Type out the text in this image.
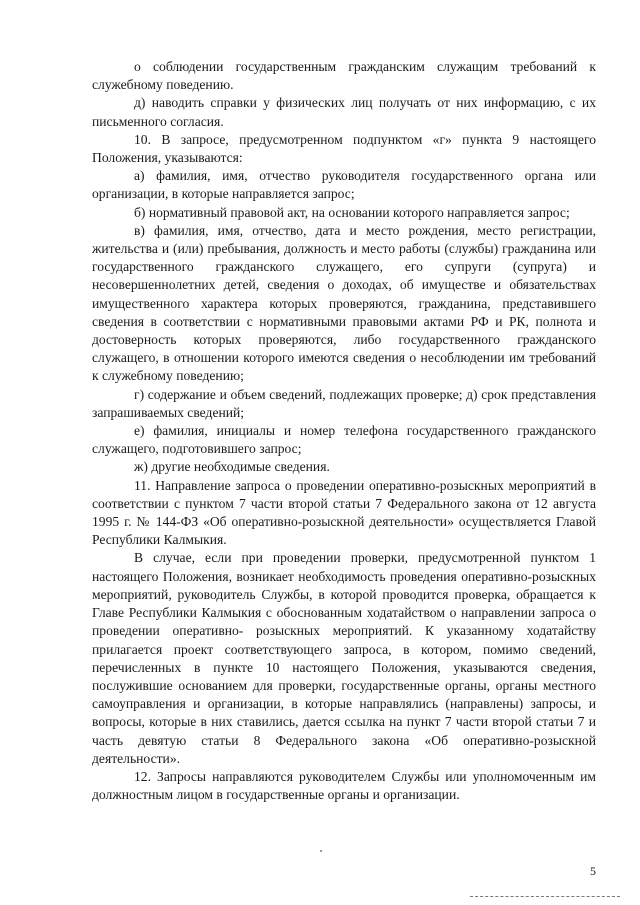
о соблюдении государственным гражданским служащим требований к служебному поведению.

д) наводить справки у физических лиц получать от них информацию, с их письменного согласия.

10. В запросе, предусмотренном подпунктом «г» пункта 9 настоящего Положения, указываются:

а) фамилия, имя, отчество руководителя государственного органа или организации, в которые направляется запрос;

б) нормативный правовой акт, на основании которого направляется запрос;

в) фамилия, имя, отчество, дата и место рождения, место регистрации, жительства и (или) пребывания, должность и место работы (службы) гражданина или государственного гражданского служащего, его супруги (супруга) и несовершеннолетних детей, сведения о доходах, об имуществе и обязательствах имущественного характера которых проверяются, гражданина, представившего сведения в соответствии с нормативными правовыми актами РФ и РК, полнота и достоверность которых проверяются, либо государственного гражданского служащего, в отношении которого имеются сведения о несоблюдении им требований к служебному поведению;

г) содержание и объем сведений, подлежащих проверке; д) срок представления запрашиваемых сведений;

е) фамилия, инициалы и номер телефона государственного гражданского служащего, подготовившего запрос;

ж) другие необходимые сведения.

11. Направление запроса о проведении оперативно-розыскных мероприятий в соответствии с пунктом 7 части второй статьи 7 Федерального закона от 12 августа 1995 г. № 144-ФЗ «Об оперативно-розыскной деятельности» осуществляется Главой Республики Калмыкия.

В случае, если при проведении проверки, предусмотренной пунктом 1 настоящего Положения, возникает необходимость проведения оперативно-розыскных мероприятий, руководитель Службы, в которой проводится проверка, обращается к Главе Республики Калмыкия с обоснованным ходатайством о направлении запроса о проведении оперативно- розыскных мероприятий. К указанному ходатайству прилагается проект соответствующего запроса, в котором, помимо сведений, перечисленных в пункте 10 настоящего Положения, указываются сведения, послужившие основанием для проверки, государственные органы, органы местного самоуправления и организации, в которые направлялись (направлены) запросы, и вопросы, которые в них ставились, дается ссылка на пункт 7 части второй статьи 7 и часть девятую статьи 8 Федерального закона «Об оперативно-розыскной деятельности».

12. Запросы направляются руководителем Службы или уполномоченным им должностным лицом в государственные органы и организации.

5
